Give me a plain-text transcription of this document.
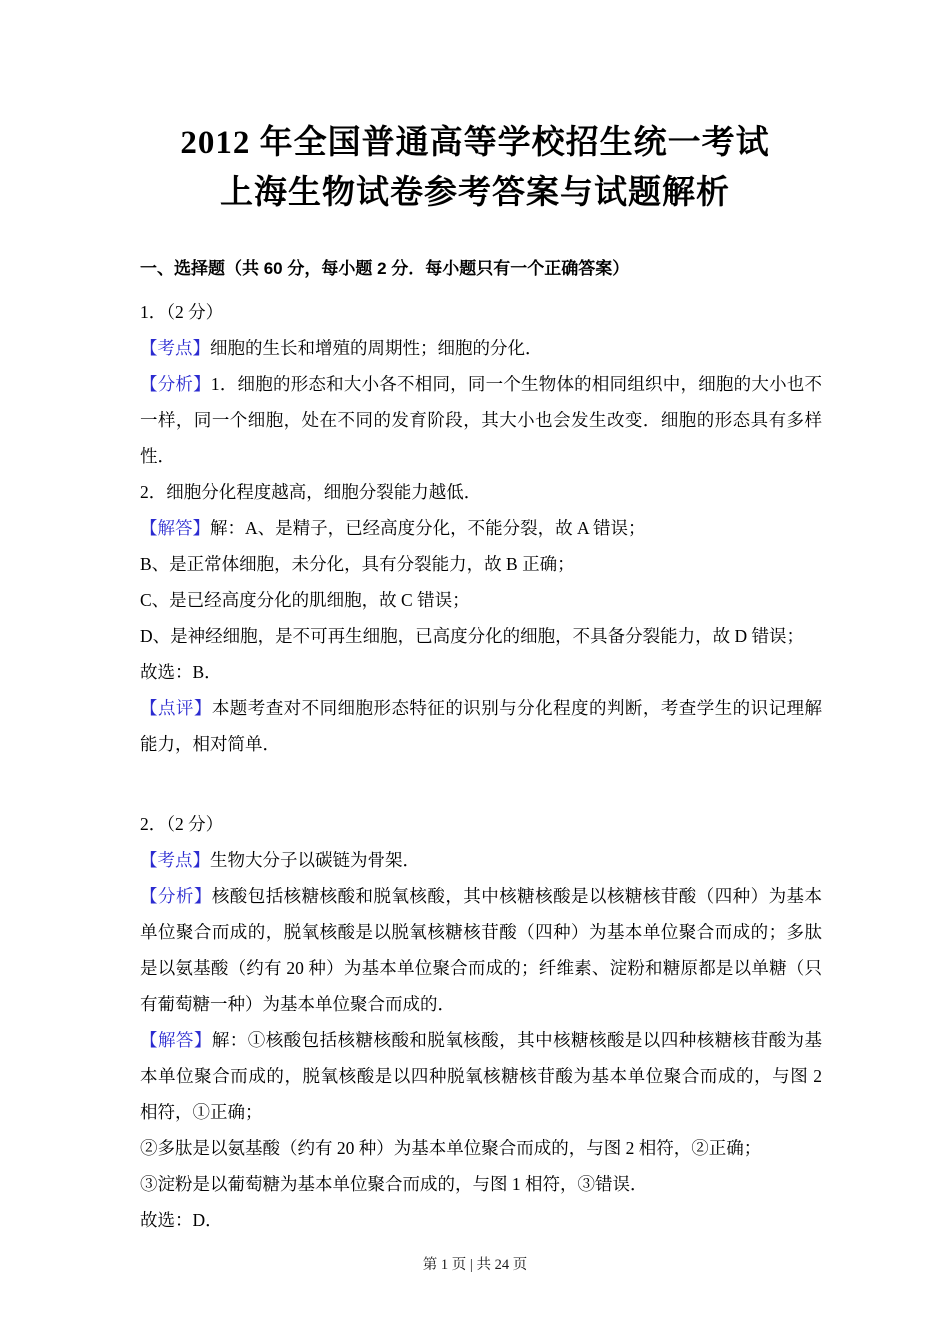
2012 年全国普通高等学校招生统一考试
上海生物试卷参考答案与试题解析
一、选择题（共 60 分，每小题 2 分．每小题只有一个正确答案）

1．（2 分）

【考点】细胞的生长和增殖的周期性；细胞的分化．

【分析】1．细胞的形态和大小各不相同，同一个生物体的相同组织中，细胞的大小也不一样，同一个细胞，处在不同的发育阶段，其大小也会发生改变．细胞的形态具有多样性．

2．细胞分化程度越高，细胞分裂能力越低．

【解答】解：A、是精子，已经高度分化，不能分裂，故 A 错误；

B、是正常体细胞，未分化，具有分裂能力，故 B 正确；

C、是已经高度分化的肌细胞，故 C 错误；

D、是神经细胞，是不可再生细胞，已高度分化的细胞，不具备分裂能力，故 D 错误；

故选：B．

【点评】本题考查对不同细胞形态特征的识别与分化程度的判断，考查学生的识记理解能力，相对简单．

2．（2 分）

【考点】生物大分子以碳链为骨架．

【分析】核酸包括核糖核酸和脱氧核酸，其中核糖核酸是以核糖核苷酸（四种）为基本单位聚合而成的，脱氧核酸是以脱氧核糖核苷酸（四种）为基本单位聚合而成的；多肽是以氨基酸（约有 20 种）为基本单位聚合而成的；纤维素、淀粉和糖原都是以单糖（只有葡萄糖一种）为基本单位聚合而成的．

【解答】解：①核酸包括核糖核酸和脱氧核酸，其中核糖核酸是以四种核糖核苷酸为基本单位聚合而成的，脱氧核酸是以四种脱氧核糖核苷酸为基本单位聚合而成的，与图 2 相符，①正确；

②多肽是以氨基酸（约有 20 种）为基本单位聚合而成的，与图 2 相符，②正确；

③淀粉是以葡萄糖为基本单位聚合而成的，与图 1 相符，③错误．

故选：D．

第 1 页 | 共 24 页
